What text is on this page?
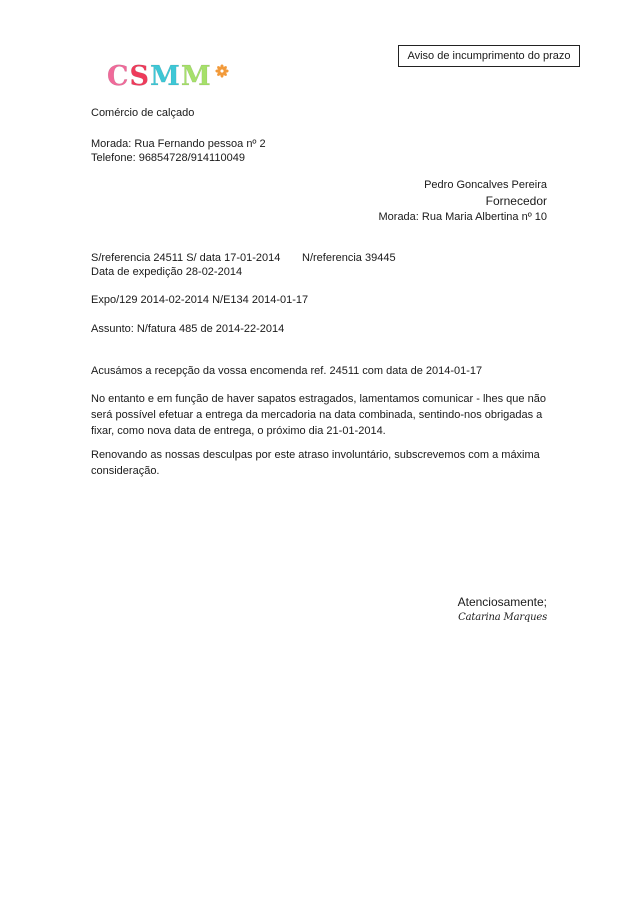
Aviso de incumprimento do prazo
C S M M
Comércio de calçado
Morada: Rua Fernando pessoa nº 2
Telefone: 96854728/914110049
Pedro Goncalves Pereira
Fornecedor
Morada: Rua Maria Albertina nº 10
S/referencia 24511 S/ data 17-01-2014 N/referencia 39445
Data de expedição 28-02-2014
Expo/129 2014-02-2014 N/E134 2014-01-17
Assunto: N/fatura 485 de 2014-22-2014
Acusámos a recepção da vossa encomenda ref. 24511 com data de 2014-01-17
No entanto e em função de haver sapatos estragados, lamentamos comunicar - lhes que não
será possível efetuar a entrega da mercadoria na data combinada, sentindo-nos obrigadas a
fixar, como nova data de entrega, o próximo dia 21-01-2014.
Renovando as nossas desculpas por este atraso involuntário, subscrevemos com a máxima
consideração.
Atenciosamente;
Catarina Marques
